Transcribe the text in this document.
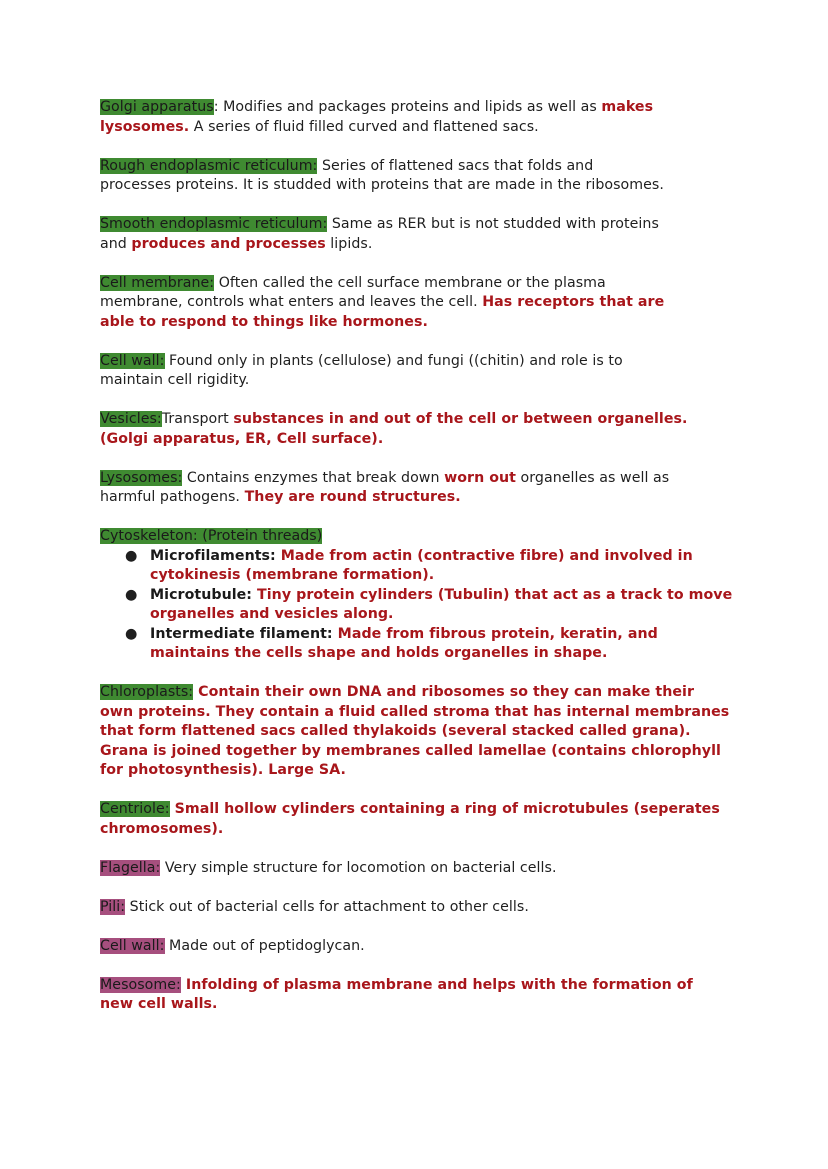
Golgi apparatus: Modifies and packages proteins and lipids as well as makes
lysosomes. A series of fluid filled curved and flattened sacs.
Rough endoplasmic reticulum: Series of flattened sacs that folds and
processes proteins. It is studded with proteins that are made in the ribosomes.
Smooth endoplasmic reticulum: Same as RER but is not studded with proteins
and produces and processes lipids.
Cell membrane: Often called the cell surface membrane or the plasma
membrane, controls what enters and leaves the cell. Has receptors that are
able to respond to things like hormones.
Cell wall: Found only in plants (cellulose) and fungi ((chitin) and role is to
maintain cell rigidity.
Vesicles:Transport substances in and out of the cell or between organelles.
(Golgi apparatus, ER, Cell surface).
Lysosomes: Contains enzymes that break down worn out organelles as well as
harmful pathogens. They are round structures.
Cytoskeleton: (Protein threads)
● Microfilaments: Made from actin (contractive fibre) and involved in
cytokinesis (membrane formation).
● Microtubule: Tiny protein cylinders (Tubulin) that act as a track to move
organelles and vesicles along.
● Intermediate filament: Made from fibrous protein, keratin, and
maintains the cells shape and holds organelles in shape.
Chloroplasts: Contain their own DNA and ribosomes so they can make their
own proteins. They contain a fluid called stroma that has internal membranes
that form flattened sacs called thylakoids (several stacked called grana).
Grana is joined together by membranes called lamellae (contains chlorophyll
for photosynthesis). Large SA.
Centriole: Small hollow cylinders containing a ring of microtubules (seperates
chromosomes).
Flagella: Very simple structure for locomotion on bacterial cells.
Pili: Stick out of bacterial cells for attachment to other cells.
Cell wall: Made out of peptidoglycan.
Mesosome: Infolding of plasma membrane and helps with the formation of
new cell walls.
